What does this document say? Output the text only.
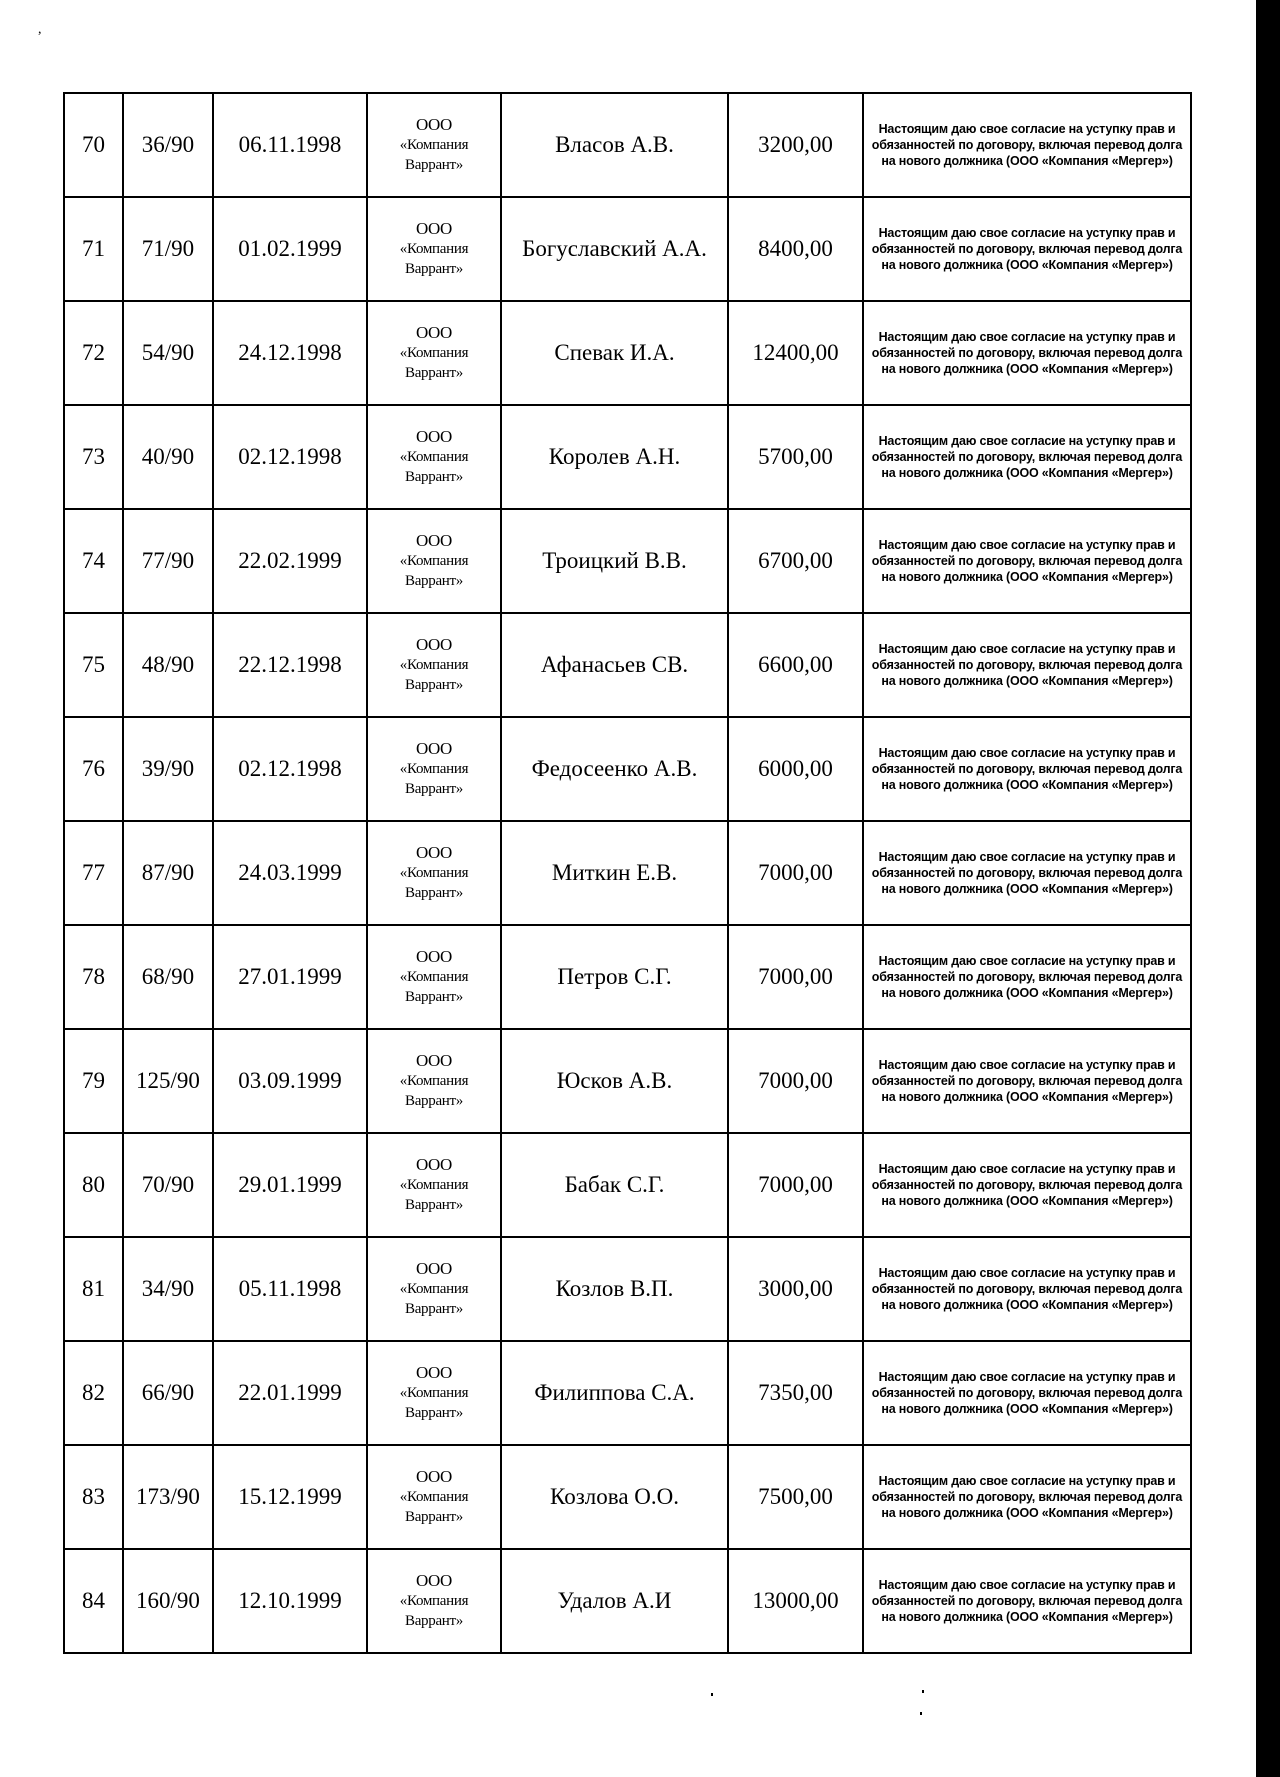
,
70	36/90	06.11.1998	ООО
«Компания
Варрант»	Власов А.В.	3200,00	Настоящим даю свое согласие на уступку прав и обязанностей по договору, включая перевод долга на нового должника (ООО «Компания «Мергер»)
71	71/90	01.02.1999	ООО
«Компания
Варрант»	Богуславский А.А.	8400,00	Настоящим даю свое согласие на уступку прав и обязанностей по договору, включая перевод долга на нового должника (ООО «Компания «Мергер»)
72	54/90	24.12.1998	ООО
«Компания
Варрант»	Спевак И.А.	12400,00	Настоящим даю свое согласие на уступку прав и обязанностей по договору, включая перевод долга на нового должника (ООО «Компания «Мергер»)
73	40/90	02.12.1998	ООО
«Компания
Варрант»	Королев А.Н.	5700,00	Настоящим даю свое согласие на уступку прав и обязанностей по договору, включая перевод долга на нового должника (ООО «Компания «Мергер»)
74	77/90	22.02.1999	ООО
«Компания
Варрант»	Троицкий В.В.	6700,00	Настоящим даю свое согласие на уступку прав и обязанностей по договору, включая перевод долга на нового должника (ООО «Компания «Мергер»)
75	48/90	22.12.1998	ООО
«Компания
Варрант»	Афанасьев СВ.	6600,00	Настоящим даю свое согласие на уступку прав и обязанностей по договору, включая перевод долга на нового должника (ООО «Компания «Мергер»)
76	39/90	02.12.1998	ООО
«Компания
Варрант»	Федосеенко А.В.	6000,00	Настоящим даю свое согласие на уступку прав и обязанностей по договору, включая перевод долга на нового должника (ООО «Компания «Мергер»)
77	87/90	24.03.1999	ООО
«Компания
Варрант»	Миткин Е.В.	7000,00	Настоящим даю свое согласие на уступку прав и обязанностей по договору, включая перевод долга на нового должника (ООО «Компания «Мергер»)
78	68/90	27.01.1999	ООО
«Компания
Варрант»	Петров С.Г.	7000,00	Настоящим даю свое согласие на уступку прав и обязанностей по договору, включая перевод долга на нового должника (ООО «Компания «Мергер»)
79	125/90	03.09.1999	ООО
«Компания
Варрант»	Юсков А.В.	7000,00	Настоящим даю свое согласие на уступку прав и обязанностей по договору, включая перевод долга на нового должника (ООО «Компания «Мергер»)
80	70/90	29.01.1999	ООО
«Компания
Варрант»	Бабак С.Г.	7000,00	Настоящим даю свое согласие на уступку прав и обязанностей по договору, включая перевод долга на нового должника (ООО «Компания «Мергер»)
81	34/90	05.11.1998	ООО
«Компания
Варрант»	Козлов В.П.	3000,00	Настоящим даю свое согласие на уступку прав и обязанностей по договору, включая перевод долга на нового должника (ООО «Компания «Мергер»)
82	66/90	22.01.1999	ООО
«Компания
Варрант»	Филиппова С.А.	7350,00	Настоящим даю свое согласие на уступку прав и обязанностей по договору, включая перевод долга на нового должника (ООО «Компания «Мергер»)
83	173/90	15.12.1999	ООО
«Компания
Варрант»	Козлова О.О.	7500,00	Настоящим даю свое согласие на уступку прав и обязанностей по договору, включая перевод долга на нового должника (ООО «Компания «Мергер»)
84	160/90	12.10.1999	ООО
«Компания
Варрант»	Удалов А.И	13000,00	Настоящим даю свое согласие на уступку прав и обязанностей по договору, включая перевод долга на нового должника (ООО «Компания «Мергер»)
